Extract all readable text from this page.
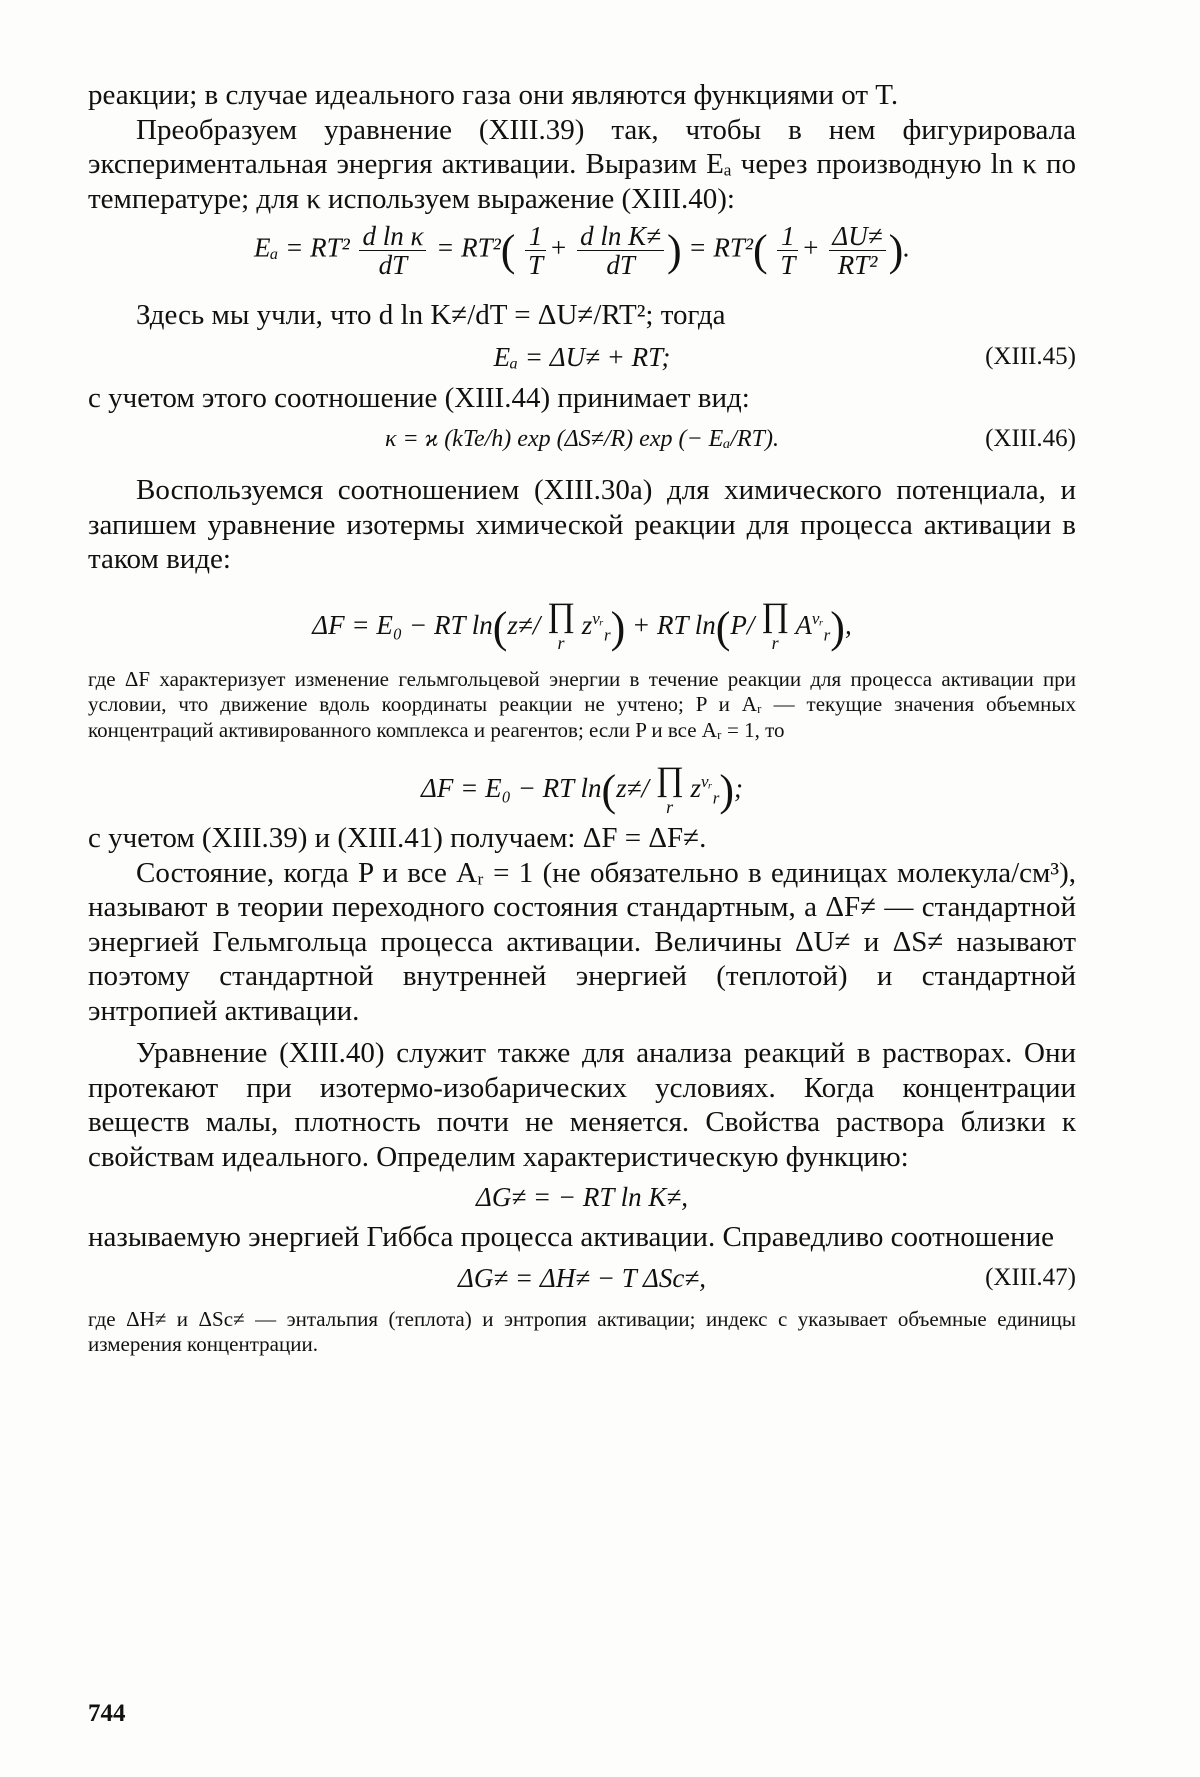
реакции; в случае идеального газа они являются функциями от T.

Преобразуем уравнение (XIII.39) так, чтобы в нем фигурировала экспериментальная энергия активации. Выразим Eₐ через производную ln κ по температуре; для κ используем выражение (XIII.40):

$E_a = RT^2 \frac{\text{d ln κ}}{dT} = RT^2( \frac{1}{T} + \frac{\text{d ln K≠}}{dT}$ ) = $RT^2( \frac{1}{T} + \frac{\Delta U\ne}{\text{RT²}}$ ).

Здесь мы учли, что d ln K≠/dT = ΔU≠/RT²; тогда

Eₐ = ΔU≠ + RT;	(XIII.45)

с учетом этого соотношение (XIII.44) принимает вид:

κ = ϰ (kTe/h) exp (ΔS≠/R) exp (− Eₐ/RT).	(XIII.46)

Воспользуемся соотношением (XIII.30а) для химического потенциала, и запишем уравнение изотермы химической реакции для процесса активации в таком виде:

ΔF = E₀ − RT ln(z≠/ ∏
r
$z^{\nu ᵣ}_r$) + RT ln(P/ ∏
r
$A^{\nu ᵣ}_r$),

где ΔF характеризует изменение гельмгольцевой энергии в течение реакции для процесса активации при условии, что движение вдоль координаты реакции не учтено; P и Aᵣ — текущие значения объемных концентраций активированного комплекса и реагентов; если P и все Aᵣ = 1, то

ΔF = E₀ − RT ln(z≠/ ∏
r
$z^{\nu ᵣ}_r$);

с учетом (XIII.39) и (XIII.41) получаем: ΔF = ΔF≠.

Состояние, когда P и все Aᵣ = 1 (не обязательно в единицах молекула/см³), называют в теории переходного состояния стандартным, а ΔF≠ — стандартной энергией Гельмгольца процесса активации. Величины ΔU≠ и ΔS≠ называют поэтому стандартной внутренней энергией (теплотой) и стандартной энтропией активации.

Уравнение (XIII.40) служит также для анализа реакций в растворах. Они протекают при изотермо-изобарических условиях. Когда концентрации веществ малы, плотность почти не меняется. Свойства раствора близки к свойствам идеального. Определим характеристическую функцию:

ΔG≠ = − RT ln K≠,

называемую энергией Гиббса процесса активации. Справедливо соотношение

ΔG≠ = ΔH≠ − T ΔSc≠,	(XIII.47)

где ΔH≠ и ΔSc≠ — энтальпия (теплота) и энтропия активации; индекс c указывает объемные единицы измерения концентрации.

744
